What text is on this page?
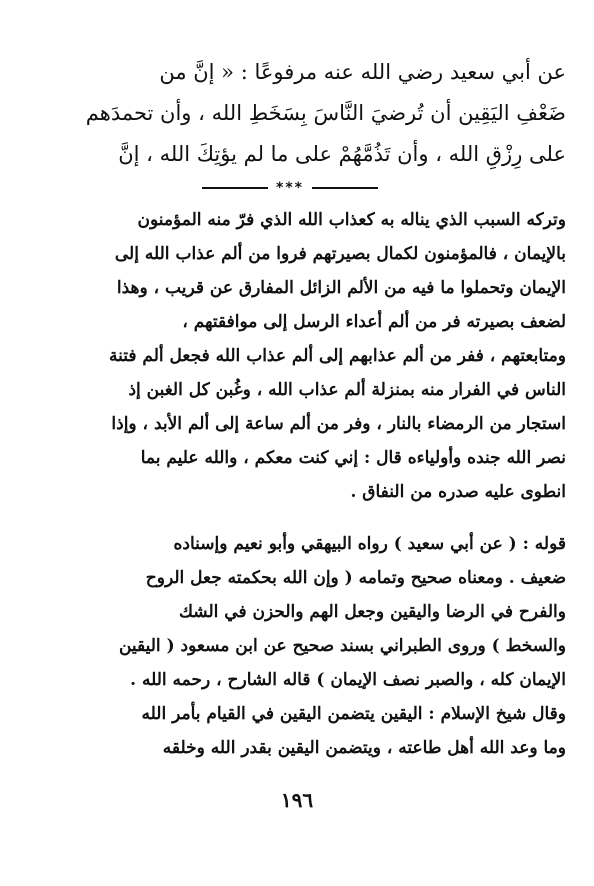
عن أبي سعيد رضي الله عنه مرفوعًا : « إنَّ من
ضَعْفِ اليَقِين أن تُرضيَ النَّاسَ بِسَخَطِ الله ، وأن تحمدَهم
على رِزْقِ الله ، وأن تَذُمَّهُمْ على ما لم يؤتِكَ الله ، إنَّ
***
وتركه السبب الذي يناله به كعذاب الله الذي فرّ منه المؤمنون
بالإيمان ، فالمؤمنون لكمال بصيرتهم فروا من ألم عذاب الله إلى
الإيمان وتحملوا ما فيه من الألم الزائل المفارق عن قريب ، وهذا
لضعف بصيرته فر من ألم أعداء الرسل إلى موافقتهم ،
ومتابعتهم ، ففر من ألم عذابهم إلى ألم عذاب الله فجعل ألم فتنة
الناس في الفرار منه بمنزلة ألم عذاب الله ، وغُبن كل الغبن إذ
استجار من الرمضاء بالنار ، وفر من ألم ساعة إلى ألم الأبد ، وإذا
نصر الله جنده وأولياءه قال : إني كنت معكم ، والله عليم بما
انطوى عليه صدره من النفاق .
قوله : ( عن أبي سعيد ) رواه البيهقي وأبو نعيم وإسناده
ضعيف . ومعناه صحيح وتمامه ( وإن الله بحكمته جعل الروح
والفرح في الرضا واليقين وجعل الهم والحزن في الشك
والسخط ) وروى الطبراني بسند صحيح عن ابن مسعود ( اليقين
الإيمان كله ، والصبر نصف الإيمان ) قاله الشارح ، رحمه الله .
وقال شيخ الإسلام : اليقين يتضمن اليقين في القيام بأمر الله
وما وعد الله أهل طاعته ، ويتضمن اليقين بقدر الله وخلقه
١٩٦
